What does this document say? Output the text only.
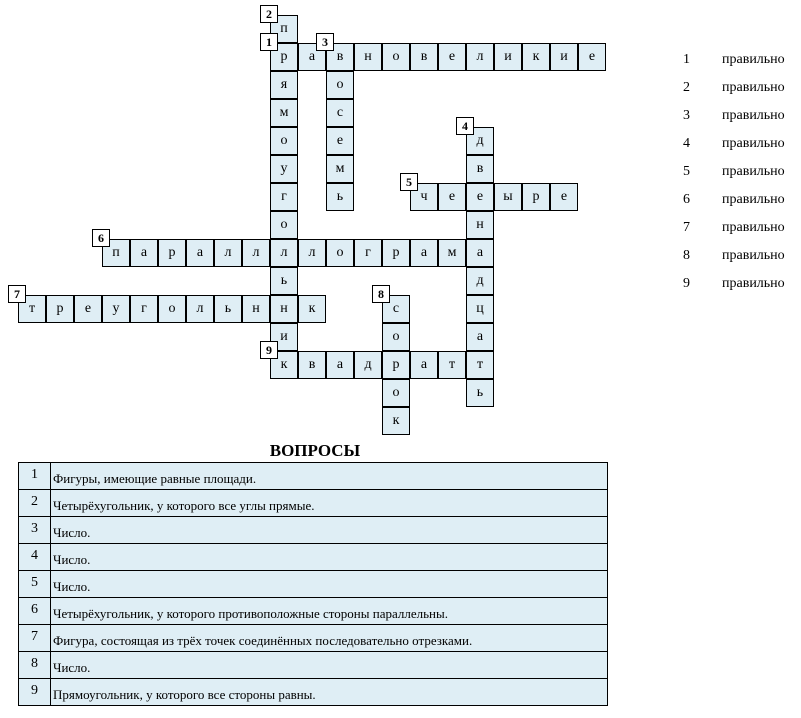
р	а	в	н	о	в	е	л	и	к	и	е
п
я
м
о
у
г
о
л
ь
н
и
к
о
с
е
м
ь
д
в
е
н
а
д
ц
а
т
ь
ч	е	ы	р	е
п	а	р	а	л	л	л	о	г	р	а	м
т	р	е	у	г	о	л	ь	н	к	с
о
р
о
к
в	а	д	а	т
1
2
3
4
5
6
7	8
9
1 правильно
2 правильно
3 правильно
4 правильно
5 правильно
6 правильно
7 правильно
8 правильно
9 правильно
ВОПРОСЫ
1	Фигуры, имеющие равные площади.
2	Четырёхугольник, у которого все углы прямые.
3	Число.
4	Число.
5	Число.
6	Четырёхугольник, у которого противоположные стороны параллельны.
7	Фигура, состоящая из трёх точек соединённых последовательно отрезками.
8	Число.
9	Прямоугольник, у которого все стороны равны.
